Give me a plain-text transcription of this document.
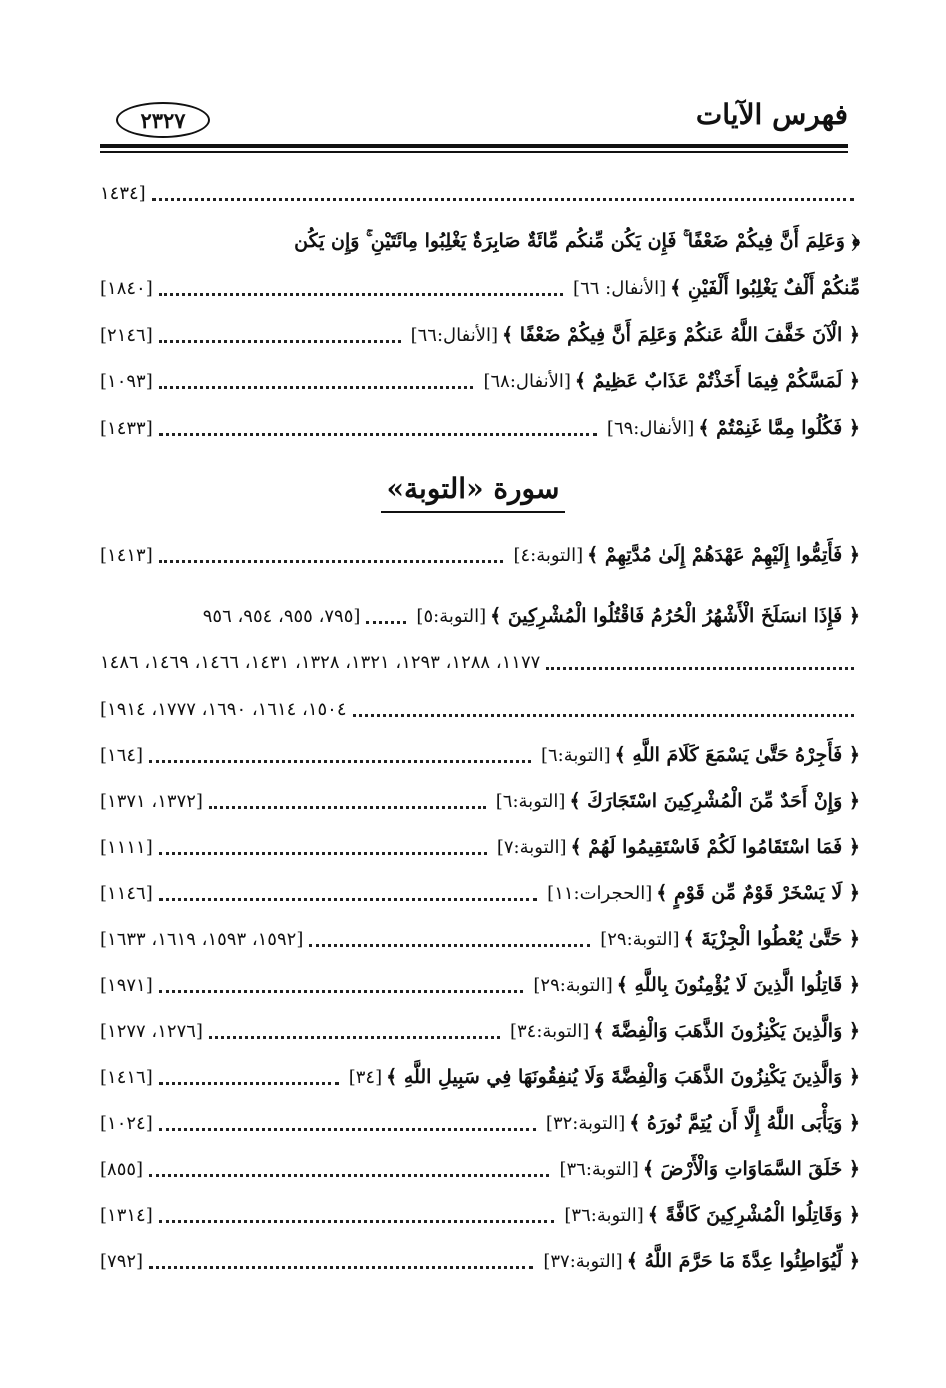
فهرس الآيات
٢٣٢٧
[١٤٣٤
﴿ وَعَلِمَ أَنَّ فِيكُمْ ضَعْفًا ۚ فَإِن يَكُن مِّنكُم مِّائَةٌ صَابِرَةٌ يَغْلِبُوا مِائَتَيْنِ ۚ وَإِن يَكُن
مِّنكُمْ أَلْفٌ يَغْلِبُوا أَلْفَيْنِ ﴾
[الأنفال: ٦٦]
[١٨٤٠]
﴿ الْآنَ خَفَّفَ اللَّهُ عَنكُمْ وَعَلِمَ أَنَّ فِيكُمْ ضَعْفًا ﴾
[الأنفال:٦٦]
[٢١٤٦]
﴿ لَمَسَّكُمْ فِيمَا أَخَذْتُمْ عَذَابٌ عَظِيمٌ ﴾
[الأنفال:٦٨]
[١٠٩٣]
﴿ فَكُلُوا مِمَّا غَنِمْتُمْ ﴾
[الأنفال:٦٩]
[١٤٣٣]
سورة «التوبة»
﴿ فَأَتِمُّوا إِلَيْهِمْ عَهْدَهُمْ إِلَىٰ مُدَّتِهِمْ ﴾
[التوبة:٤]
[١٤١٣]
﴿ فَإِذَا انسَلَخَ الْأَشْهُرُ الْحُرُمُ فَاقْتُلُوا الْمُشْرِكِينَ ﴾
[التوبة:٥]
[٧٩٥، ٩٥٥، ٩٥٤، ٩٥٦
١١٧٧، ١٢٨٨، ١٢٩٣، ١٣٢١، ١٣٢٨، ١٤٣١، ١٤٦٦، ١٤٦٩، ١٤٨٦
١٥٠٤، ١٦١٤، ١٦٩٠، ١٧٧٧، ١٩١٤]
﴿ فَأَجِرْهُ حَتَّىٰ يَسْمَعَ كَلَامَ اللَّهِ ﴾
[التوبة:٦]
[١٦٤]
﴿ وَإِنْ أَحَدٌ مِّنَ الْمُشْرِكِينَ اسْتَجَارَكَ ﴾
[التوبة:٦]
[١٣٧٢، ١٣٧١]
﴿ فَمَا اسْتَقَامُوا لَكُمْ فَاسْتَقِيمُوا لَهُمْ ﴾
[التوبة:٧]
[١١١١]
﴿ لَا يَسْخَرْ قَوْمٌ مِّن قَوْمٍ ﴾
[الحجرات:١١]
[١١٤٦]
﴿ حَتَّىٰ يُعْطُوا الْجِزْيَةَ ﴾
[التوبة:٢٩]
[١٥٩٢، ١٥٩٣، ١٦١٩، ١٦٣٣]
﴿ قَاتِلُوا الَّذِينَ لَا يُؤْمِنُونَ بِاللَّهِ ﴾
[التوبة:٢٩]
[١٩٧١]
﴿ وَالَّذِينَ يَكْنِزُونَ الذَّهَبَ وَالْفِضَّةَ ﴾
[التوبة:٣٤]
[١٢٧٦، ١٢٧٧]
﴿ وَالَّذِينَ يَكْنِزُونَ الذَّهَبَ وَالْفِضَّةَ وَلَا يُنفِقُونَهَا فِي سَبِيلِ اللَّهِ ﴾
[٣٤]
[١٤١٦]
﴿ وَيَأْبَى اللَّهُ إِلَّا أَن يُتِمَّ نُورَهُ ﴾
[التوبة:٣٢]
[١٠٢٤]
﴿ خَلَقَ السَّمَاوَاتِ وَالْأَرْضَ ﴾
[التوبة:٣٦]
[٨٥٥]
﴿ وَقَاتِلُوا الْمُشْرِكِينَ كَافَّةً ﴾
[التوبة:٣٦]
[١٣١٤]
﴿ لِّيُوَاطِئُوا عِدَّةَ مَا حَرَّمَ اللَّهُ ﴾
[التوبة:٣٧]
[٧٩٢]
